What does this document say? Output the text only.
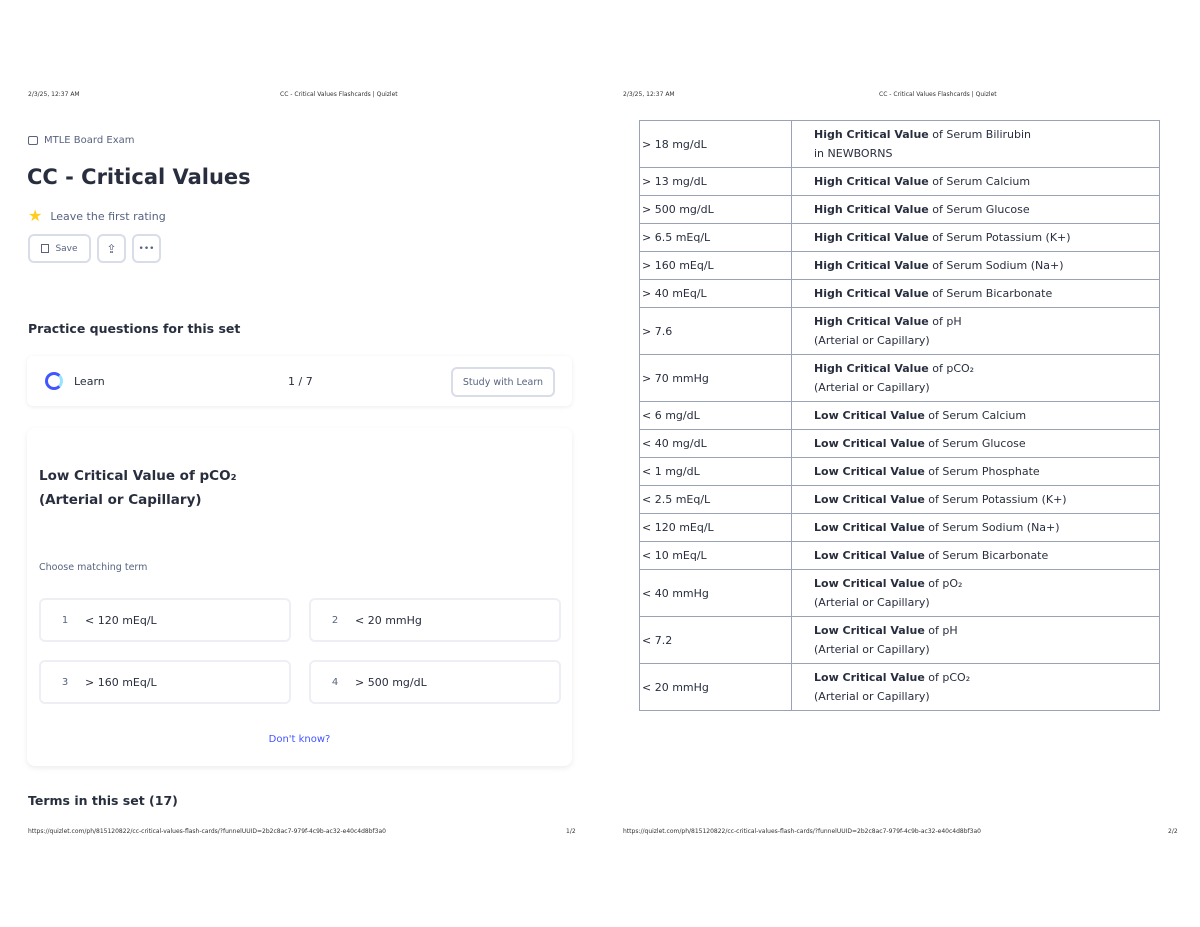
2/3/25, 12:37 AM	CC - Critical Values Flashcards | Quizlet
MTLE Board Exam
CC - Critical Values
★ Leave the first rating
Save ⇪ •••
Practice questions for this set
Learn	1 / 7	Study with Learn
Low Critical Value of pCO₂
(Arterial or Capillary)
Choose matching term
1	< 120 mEq/L	2	< 20 mmHg
3	> 160 mEq/L	4	> 500 mg/dL
Don't know?
Terms in this set (17)
https://quizlet.com/ph/815120822/cc-critical-values-flash-cards/?funnelUUID=2b2c8ac7-979f-4c9b-ac32-e40c4d8bf3a0	1/2
2/3/25, 12:37 AM	CC - Critical Values Flashcards | Quizlet
> 18 mg/dL	High Critical Value of Serum Bilirubin
in NEWBORNS
> 13 mg/dL	High Critical Value of Serum Calcium
> 500 mg/dL	High Critical Value of Serum Glucose
> 6.5 mEq/L	High Critical Value of Serum Potassium (K+)
> 160 mEq/L	High Critical Value of Serum Sodium (Na+)
> 40 mEq/L	High Critical Value of Serum Bicarbonate
> 7.6	High Critical Value of pH
(Arterial or Capillary)
> 70 mmHg	High Critical Value of pCO₂
(Arterial or Capillary)
< 6 mg/dL	Low Critical Value of Serum Calcium
< 40 mg/dL	Low Critical Value of Serum Glucose
< 1 mg/dL	Low Critical Value of Serum Phosphate
< 2.5 mEq/L	Low Critical Value of Serum Potassium (K+)
< 120 mEq/L	Low Critical Value of Serum Sodium (Na+)
< 10 mEq/L	Low Critical Value of Serum Bicarbonate
< 40 mmHg	Low Critical Value of pO₂
(Arterial or Capillary)
< 7.2	Low Critical Value of pH
(Arterial or Capillary)
< 20 mmHg	Low Critical Value of pCO₂
(Arterial or Capillary)
https://quizlet.com/ph/815120822/cc-critical-values-flash-cards/?funnelUUID=2b2c8ac7-979f-4c9b-ac32-e40c4d8bf3a0	2/2
